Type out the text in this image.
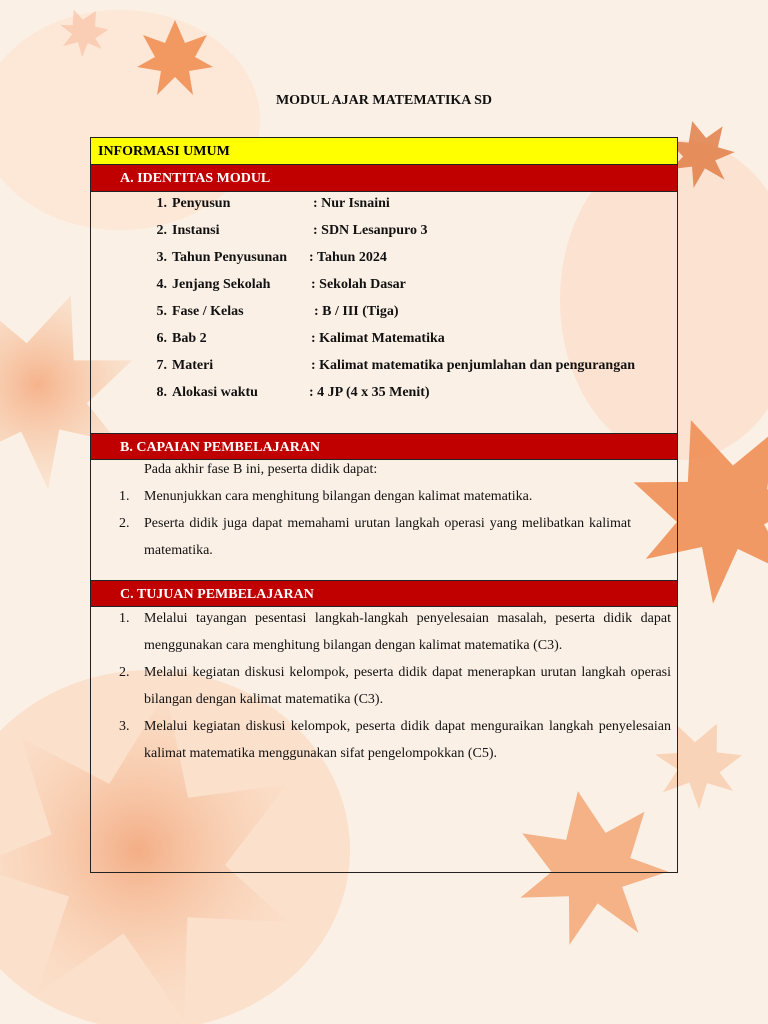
MODUL AJAR MATEMATIKA SD
INFORMASI UMUM
A. IDENTITAS MODUL
1. Penyusun	: Nur Isnaini
2. Instansi	: SDN Lesanpuro 3
3. Tahun Penyusunan : Tahun 2024
4. Jenjang Sekolah	: Sekolah Dasar
5. Fase / Kelas	: B / III (Tiga)
6. Bab 2	: Kalimat Matematika
7. Materi	: Kalimat matematika penjumlahan dan pengurangan
8. Alokasi waktu	: 4 JP (4 x 35 Menit)
B. CAPAIAN PEMBELAJARAN
Pada akhir fase B ini, peserta didik dapat:
1. Menunjukkan cara menghitung bilangan dengan kalimat matematika.
2. Peserta didik juga dapat memahami urutan langkah operasi yang melibatkan kalimat matematika.
C. TUJUAN PEMBELAJARAN
1. Melalui tayangan pesentasi langkah-langkah penyelesaian masalah, peserta didik dapat menggunakan cara menghitung bilangan dengan kalimat matematika (C3).
2. Melalui kegiatan diskusi kelompok, peserta didik dapat menerapkan urutan langkah operasi bilangan dengan kalimat matematika (C3).
3. Melalui kegiatan diskusi kelompok, peserta didik dapat menguraikan langkah penyelesaian kalimat matematika menggunakan sifat pengelompokkan (C5).
